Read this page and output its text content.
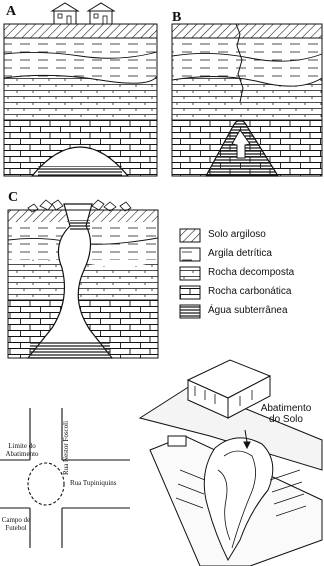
A	B
C
Solo argiloso
Argila detrítica
Rocha decomposta
Rocha carbonática
Água subterrânea
Rua Nestor Foscoli
Rua Tupiniquins
Limite do
Abatimento
Campo de
Futebol
Abatimento
do Solo
